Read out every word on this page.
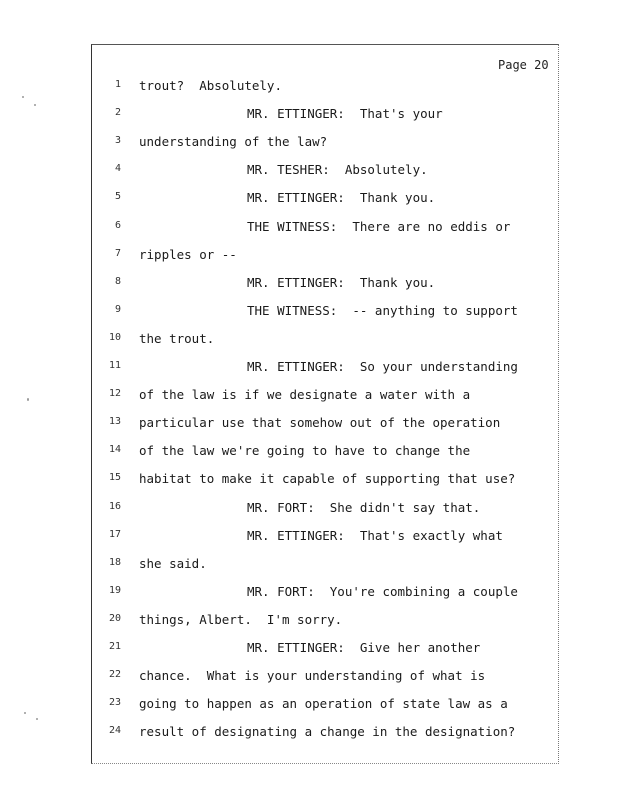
Page 20
1 trout?  Absolutely.
2	MR. ETTINGER:  That's your
3 understanding of the law?
4	MR. TESHER:  Absolutely.
5	MR. ETTINGER:  Thank you.
6	THE WITNESS:  There are no eddis or
7 ripples or --
8	MR. ETTINGER:  Thank you.
9	THE WITNESS:  -- anything to support
10 the trout.
11	MR. ETTINGER:  So your understanding
12 of the law is if we designate a water with a
13 particular use that somehow out of the operation
14 of the law we're going to have to change the
15 habitat to make it capable of supporting that use?
16	MR. FORT:  She didn't say that.
17	MR. ETTINGER:  That's exactly what
18 she said.
19	MR. FORT:  You're combining a couple
20 things, Albert.  I'm sorry.
21	MR. ETTINGER:  Give her another
22 chance.  What is your understanding of what is
23 going to happen as an operation of state law as a
24 result of designating a change in the designation?
